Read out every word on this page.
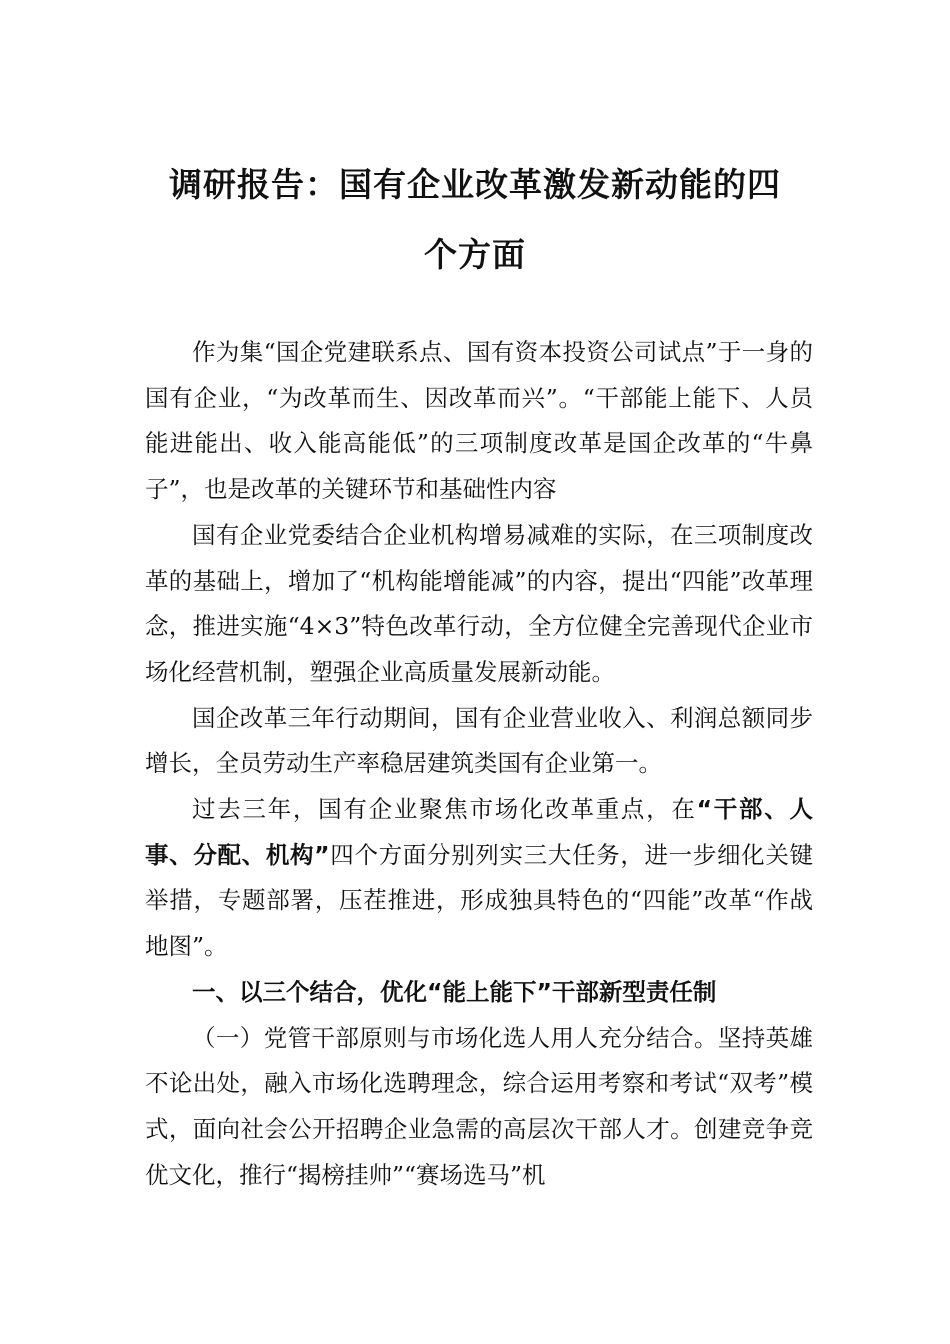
调研报告：国有企业改革激发新动能的四
个方面

作为集“国企党建联系点、国有资本投资公司试点”于一身的国有企业，“为改革而生、因改革而兴”。“干部能上能下、人员能进能出、收入能高能低”的三项制度改革是国企改革的“牛鼻子”，也是改革的关键环节和基础性内容

国有企业党委结合企业机构增易减难的实际，在三项制度改革的基础上，增加了“机构能增能减”的内容，提出“四能”改革理念，推进实施“4×3”特色改革行动，全方位健全完善现代企业市场化经营机制，塑强企业高质量发展新动能。

国企改革三年行动期间，国有企业营业收入、利润总额同步增长，全员劳动生产率稳居建筑类国有企业第一。

过去三年，国有企业聚焦市场化改革重点，在“干部、人事、分配、机构”四个方面分别列实三大任务，进一步细化关键举措，专题部署，压茬推进，形成独具特色的“四能”改革“作战地图”。

一、以三个结合，优化“能上能下”干部新型责任制

（一）党管干部原则与市场化选人用人充分结合。坚持英雄不论出处，融入市场化选聘理念，综合运用考察和考试“双考”模式，面向社会公开招聘企业急需的高层次干部人才。创建竞争竞优文化，推行“揭榜挂帅”“赛场选马”机
